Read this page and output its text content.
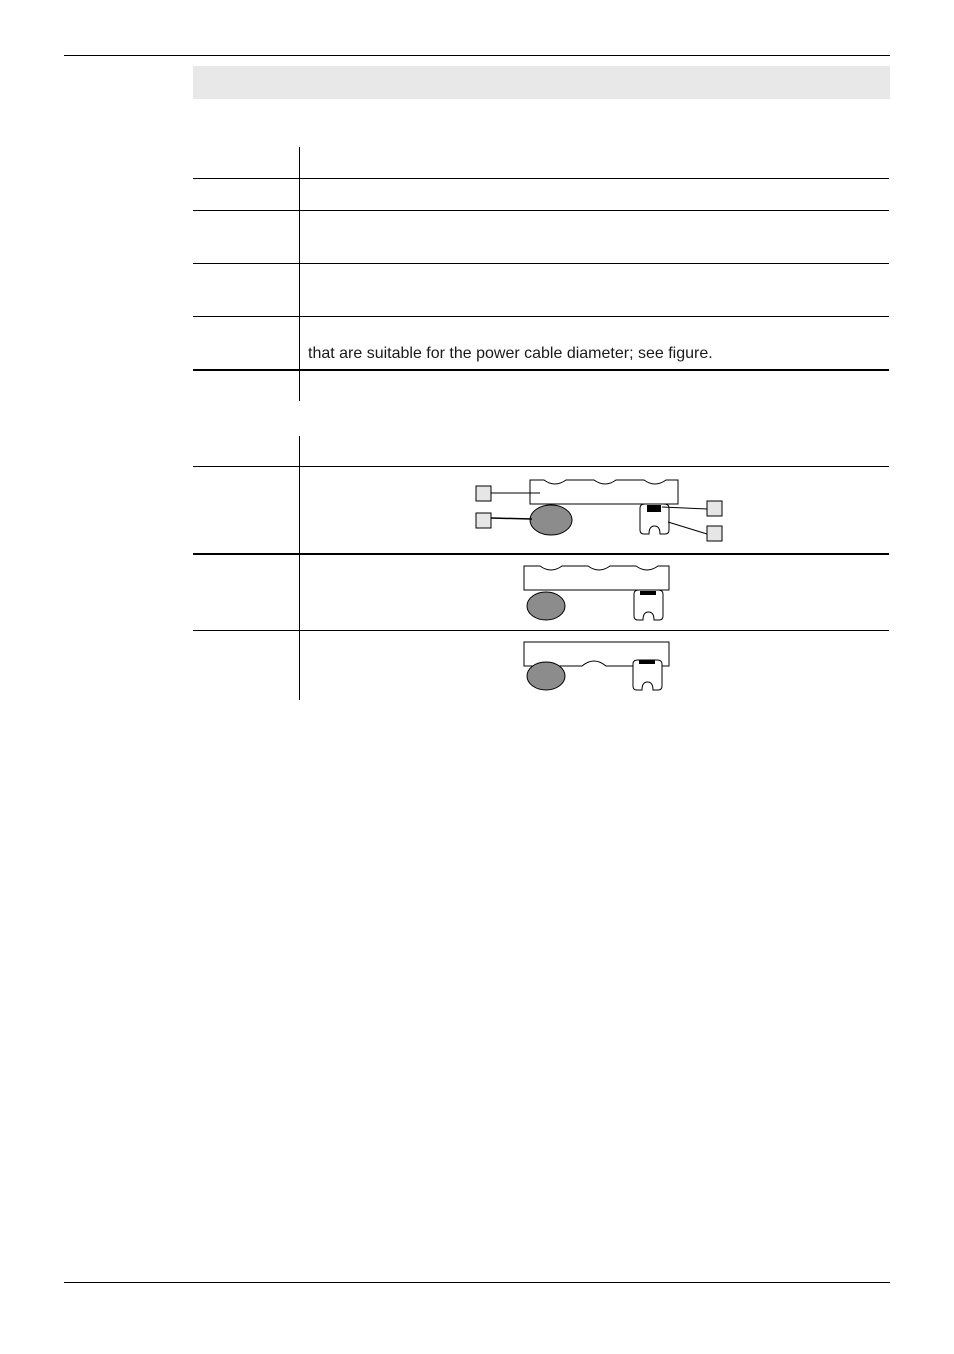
that are suitable for the power cable diameter; see figure.
